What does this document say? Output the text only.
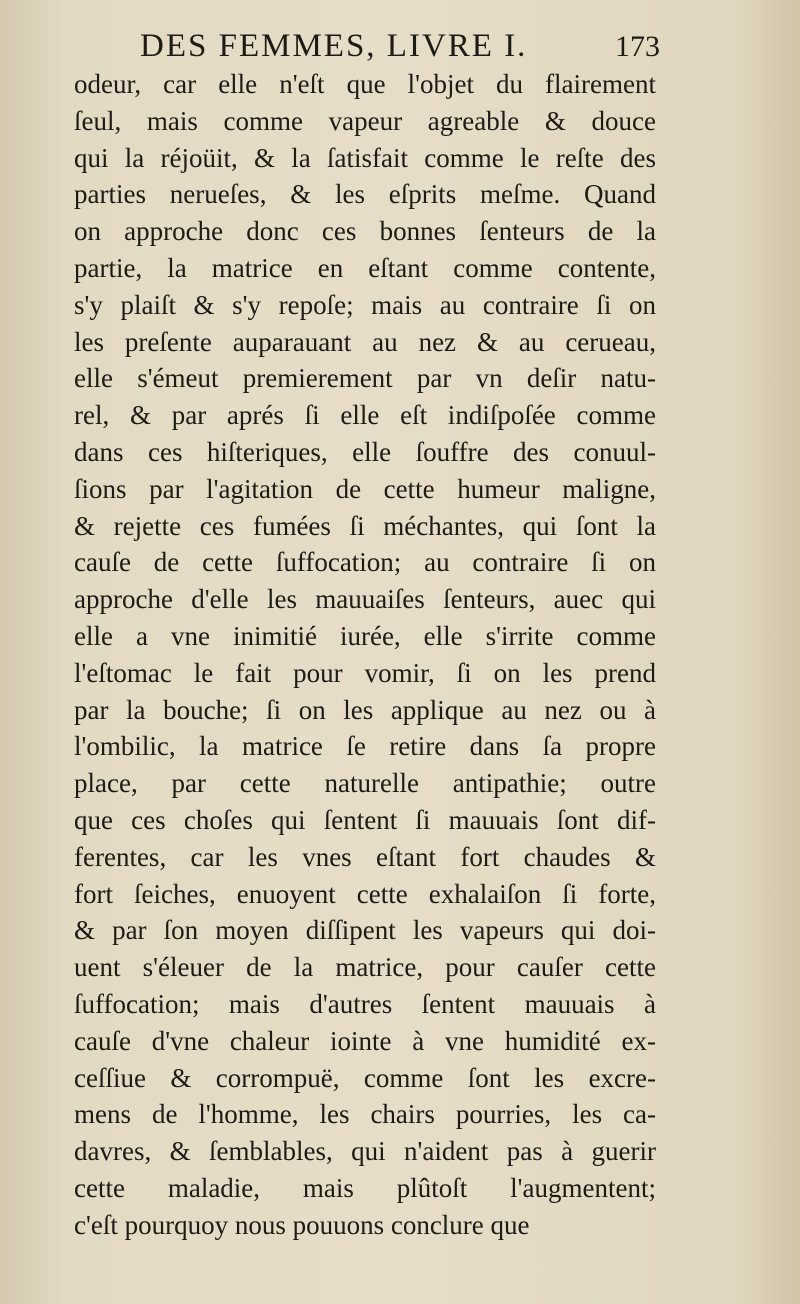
DES FEMMES, LIVRE I.	173
odeur, car elle n'eſt que l'objet du flairement
ſeul, mais comme vapeur agreable & douce
qui la réjoüit, & la ſatisfait comme le reſte des
parties nerueſes, & les eſprits meſme. Quand
on approche donc ces bonnes ſenteurs de la
partie, la matrice en eſtant comme contente,
s'y plaiſt & s'y repoſe; mais au contraire ſi on
les preſente auparauant au nez & au cerueau,
elle s'émeut premierement par vn deſir natu-
rel, & par aprés ſi elle eſt indiſpoſée comme
dans ces hiſteriques, elle ſouffre des conuul-
ſions par l'agitation de cette humeur maligne,
& rejette ces fumées ſi méchantes, qui ſont la
cauſe de cette ſuffocation; au contraire ſi on
approche d'elle les mauuaiſes ſenteurs, auec qui
elle a vne inimitié iurée, elle s'irrite comme
l'eſtomac le fait pour vomir, ſi on les prend
par la bouche; ſi on les applique au nez ou à
l'ombilic, la matrice ſe retire dans ſa propre
place, par cette naturelle antipathie; outre
que ces choſes qui ſentent ſi mauuais ſont dif-
ferentes, car les vnes eſtant fort chaudes &
fort ſeiches, enuoyent cette exhalaiſon ſi forte,
& par ſon moyen diſſipent les vapeurs qui doi-
uent s'éleuer de la matrice, pour cauſer cette
ſuffocation; mais d'autres ſentent mauuais à
cauſe d'vne chaleur iointe à vne humidité ex-
ceſſiue & corrompuë, comme ſont les excre-
mens de l'homme, les chairs pourries, les ca-
davres, & ſemblables, qui n'aident pas à guerir
cette maladie, mais plûtoſt l'augmentent;
c'eſt pourquoy nous pouuons conclure que
